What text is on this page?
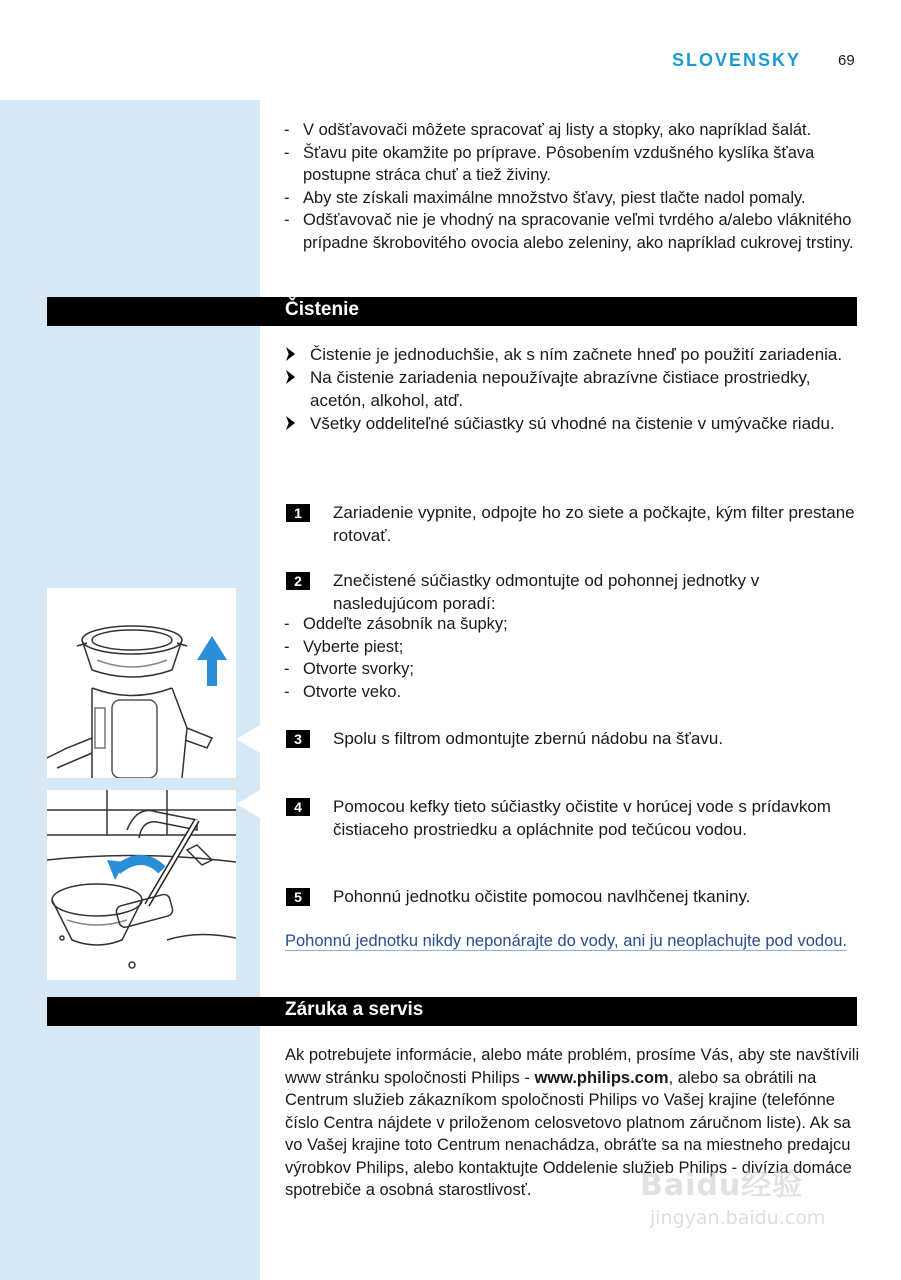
SLOVENSKY 69
- V odšťavovači môžete spracovať aj listy a stopky, ako napríklad šalát.
- Šťavu pite okamžite po príprave. Pôsobením vzdušného kyslíka šťava postupne stráca chuť a tiež živiny.
- Aby ste získali maximálne množstvo šťavy, piest tlačte nadol pomaly.
- Odšťavovač nie je vhodný na spracovanie veľmi tvrdého a/alebo vláknitého prípadne škrobovitého ovocia alebo zeleniny, ako napríklad cukrovej trstiny.
Čistenie
Čistenie je jednoduchšie, ak s ním začnete hneď po použití zariadenia.
Na čistenie zariadenia nepoužívajte abrazívne čistiace prostriedky, acetón, alkohol, atď.
Všetky oddeliteľné súčiastky sú vhodné na čistenie v umývačke riadu.
1	Zariadenie vypnite, odpojte ho zo siete a počkajte, kým filter prestane rotovať.
2	Znečistené súčiastky odmontujte od pohonnej jednotky v nasledujúcom poradí:
- Oddeľte zásobník na šupky;
- Vyberte piest;
- Otvorte svorky;
- Otvorte veko.
3	Spolu s filtrom odmontujte zbernú nádobu na šťavu.
4	Pomocou kefky tieto súčiastky očistite v horúcej vode s prídavkom čistiaceho prostriedku a opláchnite pod tečúcou vodou.
5	Pohonnú jednotku očistite pomocou navlhčenej tkaniny.
Pohonnú jednotku nikdy neponárajte do vody, ani ju neoplachujte pod vodou.
Záruka a servis
Ak potrebujete informácie, alebo máte problém, prosíme Vás, aby ste navštívili www stránku spoločnosti Philips - www.philips.com, alebo sa obrátili na Centrum služieb zákazníkom spoločnosti Philips vo Vašej krajine (telefónne číslo Centra nájdete v priloženom celosvetovo platnom záručnom liste). Ak sa vo Vašej krajine toto Centrum nenachádza, obráťte sa na miestneho predajcu výrobkov Philips, alebo kontaktujte Oddelenie služieb Philips - divízia domáce spotrebiče a osobná starostlivosť.	Baidu经验
jingyan.baidu.com
